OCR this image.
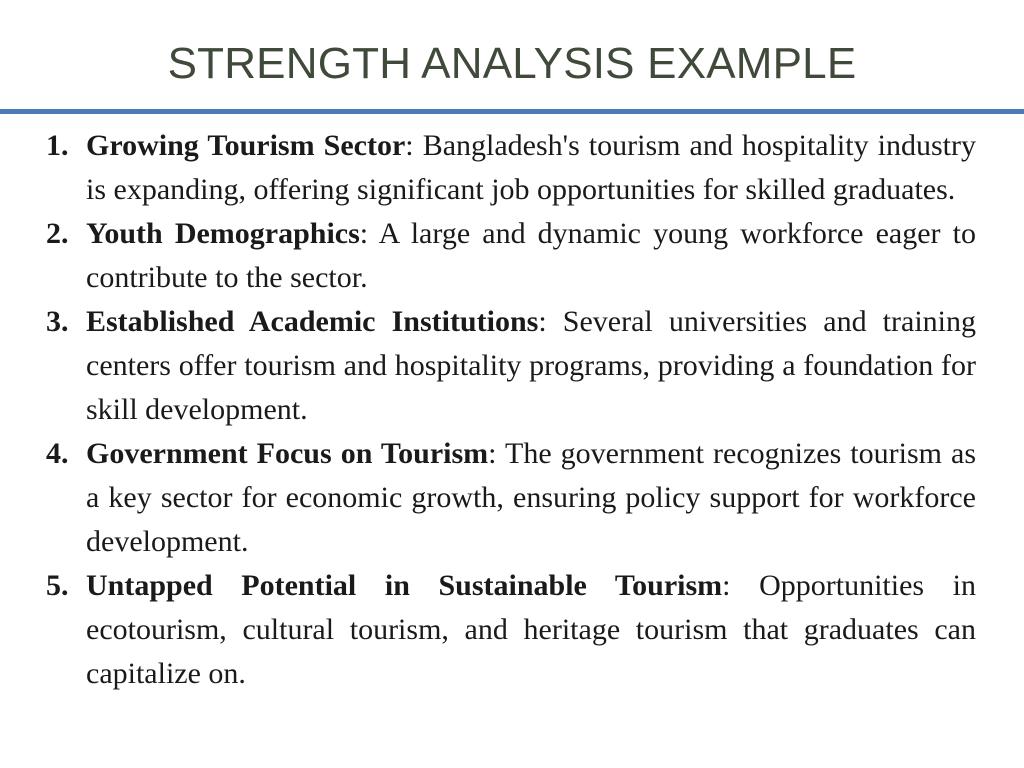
STRENGTH ANALYSIS EXAMPLE
1. Growing Tourism Sector: Bangladesh's tourism and hospitality industry is expanding, offering significant job opportunities for skilled graduates.
2. Youth Demographics: A large and dynamic young workforce eager to contribute to the sector.
3. Established Academic Institutions: Several universities and training centers offer tourism and hospitality programs, providing a foundation for skill development.
4. Government Focus on Tourism: The government recognizes tourism as a key sector for economic growth, ensuring policy support for workforce development.
5. Untapped Potential in Sustainable Tourism: Opportunities in ecotourism, cultural tourism, and heritage tourism that graduates can capitalize on.
